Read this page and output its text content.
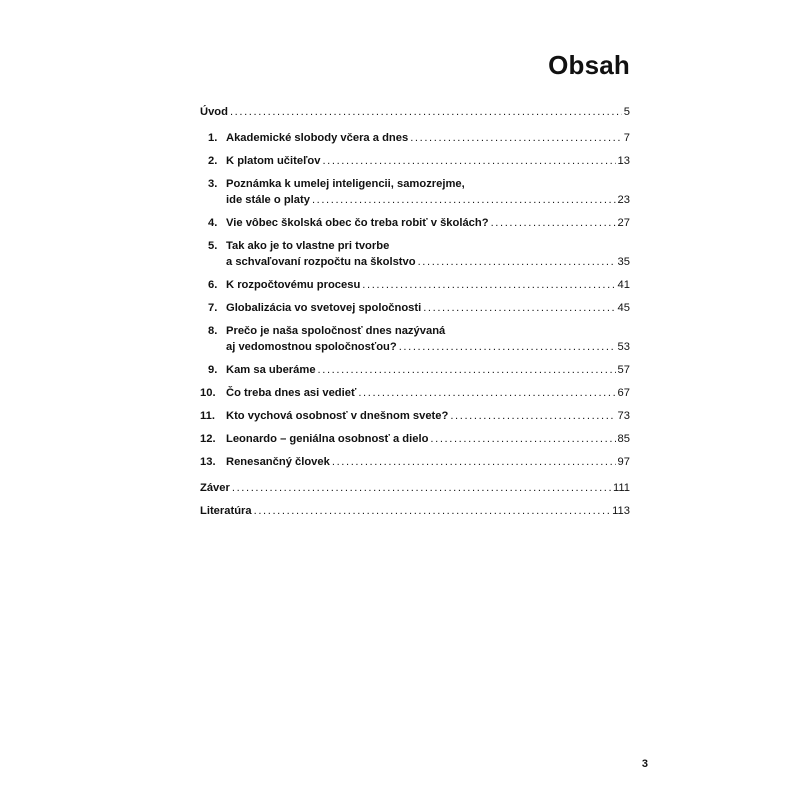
Obsah
Úvod .....	5
1. Akademické slobody včera a dnes .....	7
2. K platom učiteľov .....	13
3. Poznámka k umelej inteligencii, samozrejme,
ide stále o platy .....	23
4. Vie vôbec školská obec čo treba robiť v školách? .....	27
5. Tak ako je to vlastne pri tvorbe
a schvaľovaní rozpočtu na školstvo .....	35
6. K rozpočtovému procesu .....	41
7. Globalizácia vo svetovej spoločnosti .....	45
8. Prečo je naša spoločnosť dnes nazývaná
aj vedomostnou spoločnosťou? .....	53
9. Kam sa uberáme .....	57
10. Čo treba dnes asi vedieť .....	67
11. Kto vychová osobnosť v dnešnom svete? .....	73
12. Leonardo – geniálna osobnosť a dielo .....	85
13. Renesančný človek .....	97
Záver .....	111
Literatúra .....	113
3
